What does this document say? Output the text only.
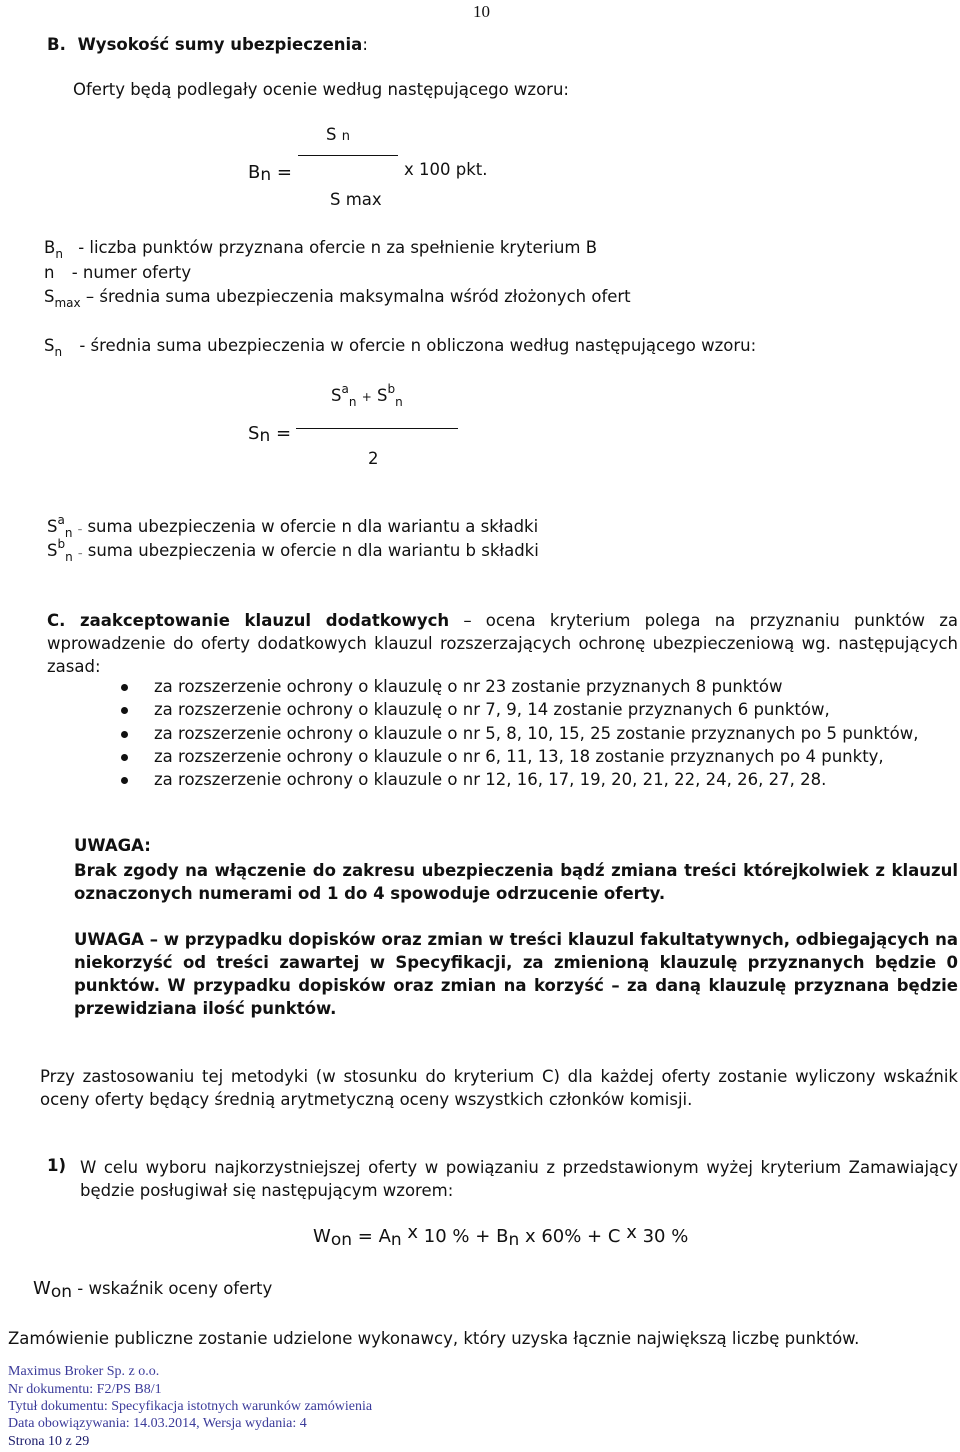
10
B. Wysokość sumy ubezpieczenia:
Oferty będą podlegały ocenie według następującego wzoru:
S n
Bn =	x 100 pkt.
S max
$B_n$ - liczba punktów przyznana ofercie n za spełnienie kryterium B
n - numer oferty
$S_{max}$ – średnia suma ubezpieczenia maksymalna wśród złożonych ofert
$S_n$ - średnia suma ubezpieczenia w ofercie n obliczona według następującego wzoru:
$S^a_n + S^b_n$
Sn =
2
$S^a_n$ – suma ubezpieczenia w ofercie n dla wariantu a składki
$S^b_n$ – suma ubezpieczenia w ofercie n dla wariantu b składki
C. zaakceptowanie klauzul dodatkowych – ocena kryterium polega na przyznaniu punktów za wprowadzenie do oferty dodatkowych klauzul rozszerzających ochronę ubezpieczeniową wg. następujących zasad:
za rozszerzenie ochrony o klauzulę o nr 23 zostanie przyznanych 8 punktów
za rozszerzenie ochrony o klauzulę o nr 7, 9, 14 zostanie przyznanych 6 punktów,
za rozszerzenie ochrony o klauzule o nr 5, 8, 10, 15, 25 zostanie przyznanych po 5 punktów,
za rozszerzenie ochrony o klauzule o nr 6, 11, 13, 18 zostanie przyznanych po 4 punkty,
za rozszerzenie ochrony o klauzule o nr 12, 16, 17, 19, 20, 21, 22, 24, 26, 27, 28.
UWAGA:
Brak zgody na włączenie do zakresu ubezpieczenia bądź zmiana treści którejkolwiek z klauzul oznaczonych numerami od 1 do 4 spowoduje odrzucenie oferty.
UWAGA – w przypadku dopisków oraz zmian w treści klauzul fakultatywnych, odbiegających na niekorzyść od treści zawartej w Specyfikacji, za zmienioną klauzulę przyznanych będzie 0 punktów. W przypadku dopisków oraz zmian na korzyść – za daną klauzulę przyznana będzie przewidziana ilość punktów.
Przy zastosowaniu tej metodyki (w stosunku do kryterium C) dla każdej oferty zostanie wyliczony wskaźnik oceny oferty będący średnią arytmetyczną oceny wszystkich członków komisji.
1) W celu wyboru najkorzystniejszej oferty w powiązaniu z przedstawionym wyżej kryterium Zamawiający będzie posługiwał się następującym wzorem:
Won = An x 10 % + Bn x 60% + C x 30 %
Won - wskaźnik oceny oferty
Zamówienie publiczne zostanie udzielone wykonawcy, który uzyska łącznie największą liczbę punktów.
Maximus Broker Sp. z o.o.
Nr dokumentu: F2/PS B8/1
Tytuł dokumentu: Specyfikacja istotnych warunków zamówienia
Data obowiązywania: 14.03.2014, Wersja wydania: 4
Strona 10 z 29
